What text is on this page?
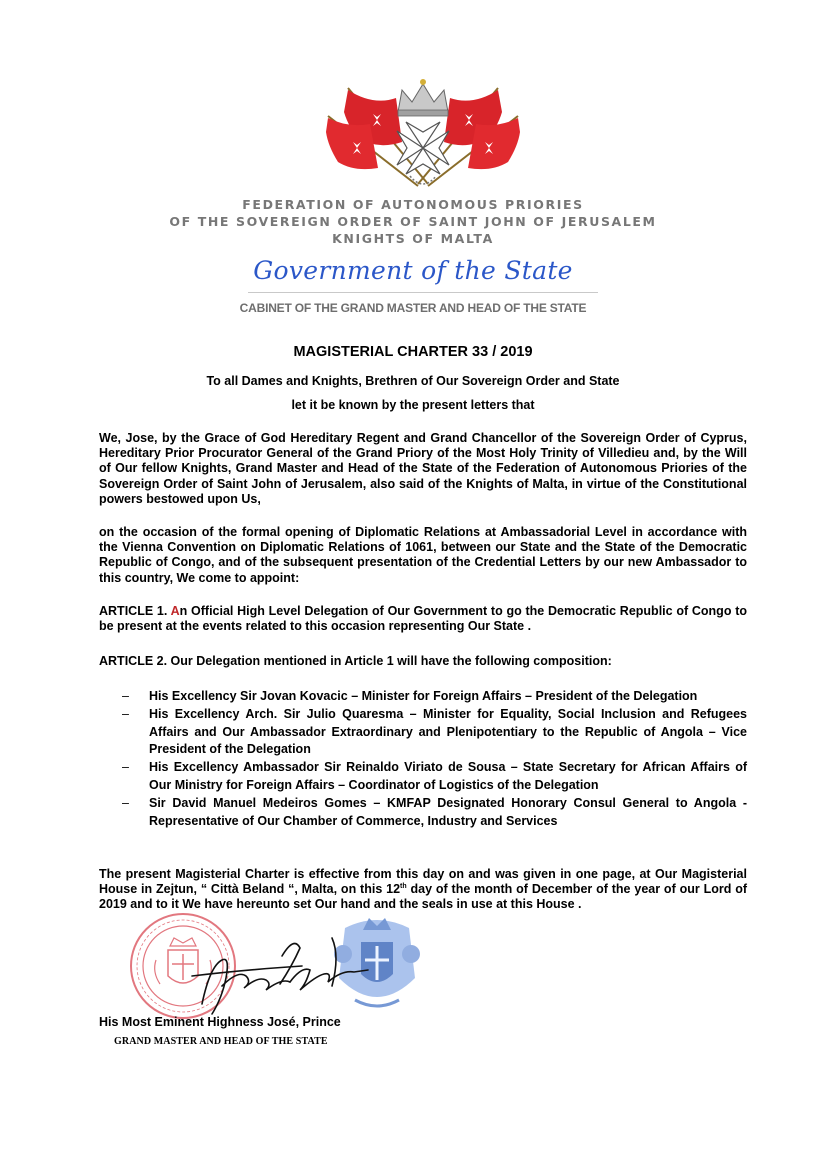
FEDERATION OF AUTONOMOUS PRIORIES
OF THE SOVEREIGN ORDER OF SAINT JOHN OF JERUSALEM
KNIGHTS OF MALTA
Government of the State
CABINET OF THE GRAND MASTER AND HEAD OF THE STATE
MAGISTERIAL CHARTER 33 / 2019
To all Dames and Knights, Brethren of Our Sovereign Order and State
let it be known by the present letters that
We, Jose, by the Grace of God Hereditary Regent and Grand Chancellor of the Sovereign Order of Cyprus, Hereditary Prior Procurator General of the Grand Priory of the Most Holy Trinity of Villedieu and, by the Will of Our fellow Knights, Grand Master and Head of the State of the Federation of Autonomous Priories of the Sovereign Order of Saint John of Jerusalem, also said of the Knights of Malta, in virtue of the Constitutional powers bestowed upon Us,
on the occasion of the formal opening of Diplomatic Relations at Ambassadorial Level in accordance with the Vienna Convention on Diplomatic Relations of 1061, between our State and the State of the Democratic Republic of Congo, and of the subsequent presentation of the Credential Letters by our new Ambassador to this country, We come to appoint:
ARTICLE 1. An Official High Level Delegation of Our Government to go the Democratic Republic of Congo to be present at the events related to this occasion representing Our State .
ARTICLE 2. Our Delegation mentioned in Article 1 will have the following composition:
– His Excellency Sir Jovan Kovacic – Minister for Foreign Affairs – President of the Delegation
– His Excellency Arch. Sir Julio Quaresma – Minister for Equality, Social Inclusion and Refugees Affairs and Our Ambassador Extraordinary and Plenipotentiary to the Republic of Angola – Vice President of the Delegation
– His Excellency Ambassador Sir Reinaldo Viriato de Sousa – State Secretary for African Affairs of Our Ministry for Foreign Affairs – Coordinator of Logistics of the Delegation
– Sir David Manuel Medeiros Gomes – KMFAP Designated Honorary Consul General to Angola - Representative of Our Chamber of Commerce, Industry and Services
The present Magisterial Charter is effective from this day on and was given in one page, at Our Magisterial House in Zejtun, “ Città Beland “, Malta, on this 12th day of the month of December of the year of our Lord of 2019 and to it We have hereunto set Our hand and the seals in use at this House .
His Most Eminent Highness José, Prince
GRAND MASTER AND HEAD OF THE STATE
